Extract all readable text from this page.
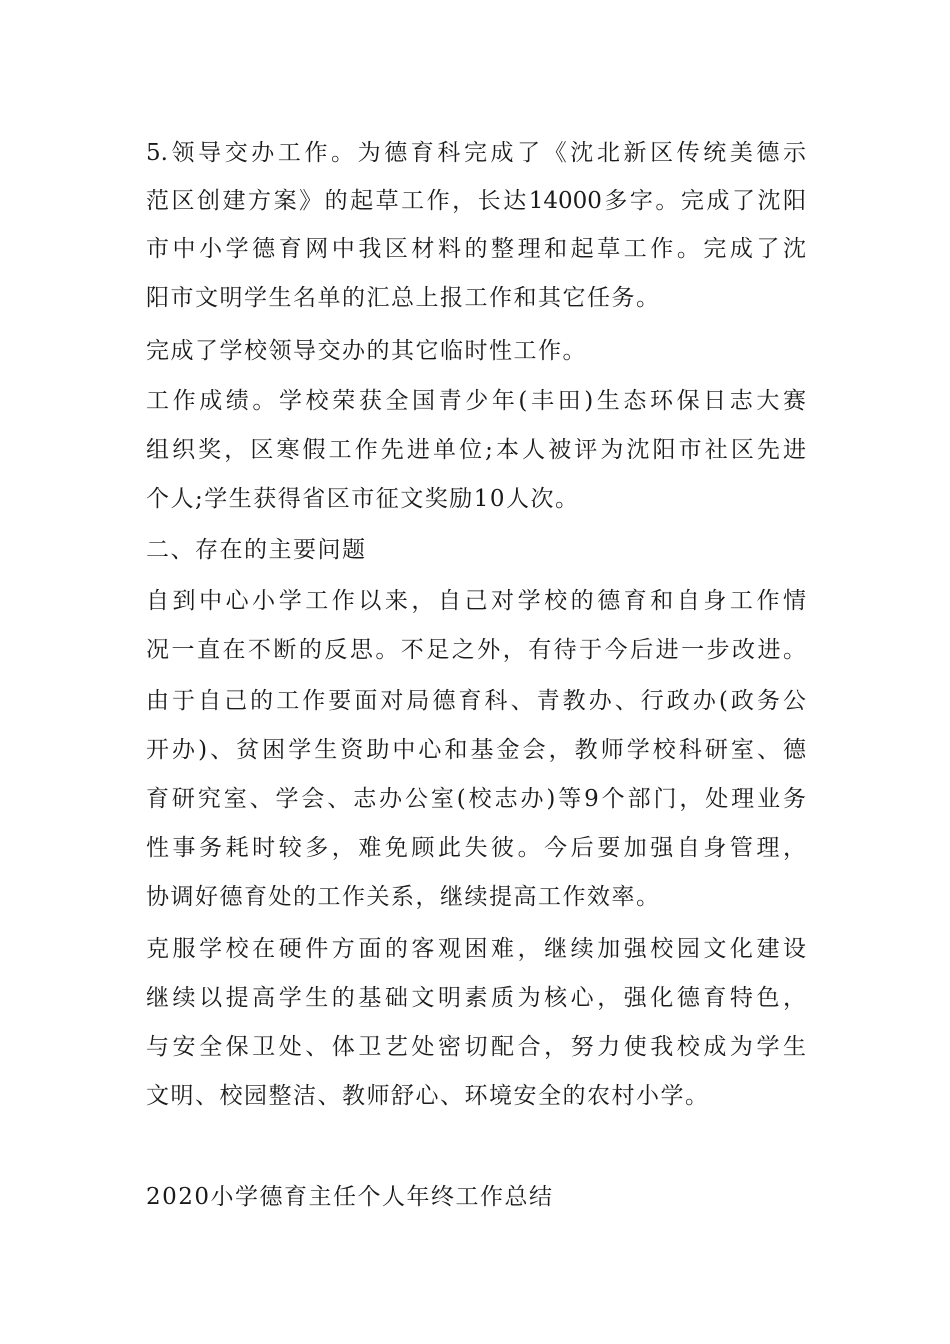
5.领导交办工作。为德育科完成了《沈北新区传统美德示
范区创建方案》的起草工作，长达14000多字。完成了沈阳
市中小学德育网中我区材料的整理和起草工作。完成了沈
阳市文明学生名单的汇总上报工作和其它任务。
完成了学校领导交办的其它临时性工作。
工作成绩。学校荣获全国青少年(丰田)生态环保日志大赛
组织奖，区寒假工作先进单位;本人被评为沈阳市社区先进
个人;学生获得省区市征文奖励10人次。
二、存在的主要问题
自到中心小学工作以来，自己对学校的德育和自身工作情
况一直在不断的反思。不足之外，有待于今后进一步改进。
由于自己的工作要面对局德育科、青教办、行政办(政务公
开办)、贫困学生资助中心和基金会，教师学校科研室、德
育研究室、学会、志办公室(校志办)等9个部门，处理业务
性事务耗时较多，难免顾此失彼。今后要加强自身管理，
协调好德育处的工作关系，继续提高工作效率。
克服学校在硬件方面的客观困难，继续加强校园文化建设
继续以提高学生的基础文明素质为核心，强化德育特色，
与安全保卫处、体卫艺处密切配合，努力使我校成为学生
文明、校园整洁、教师舒心、环境安全的农村小学。
2020小学德育主任个人年终工作总结
